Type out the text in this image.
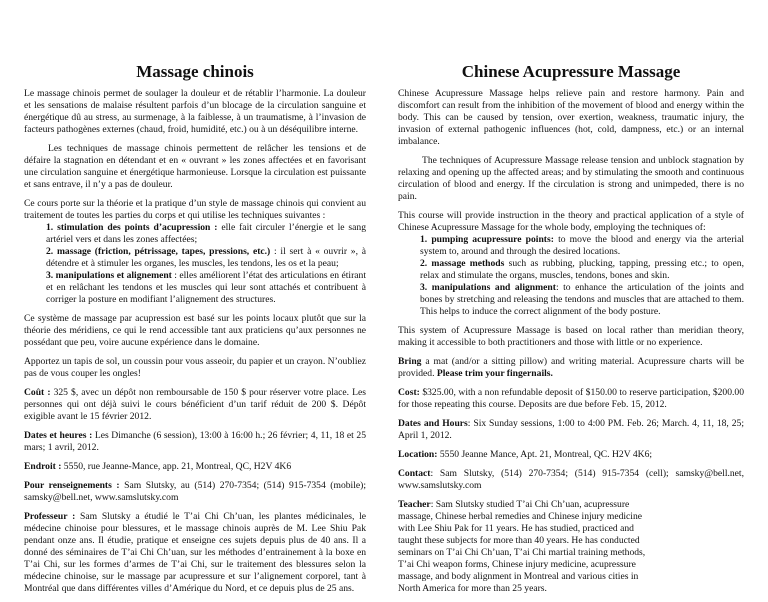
Massage chinois

Le massage chinois permet de soulager la douleur et de rétablir l’harmonie. La douleur et les sensations de malaise résultent parfois d’un blocage de la circulation sanguine et énergétique dû au stress, au surmenage, à la faiblesse, à un traumatisme, à l’invasion de facteurs pathogènes externes (chaud, froid, humidité, etc.) ou à un déséquilibre interne.

Les techniques de massage chinois permettent de relâcher les tensions et de défaire la stagnation en détendant et en « ouvrant » les zones affectées et en favorisant une circulation sanguine et énergétique harmonieuse. Lorsque la circulation est puissante et sans entrave, il n’y a pas de douleur.

Ce cours porte sur la théorie et la pratique d’un style de massage chinois qui convient au traitement de toutes les parties du corps et qui utilise les techniques suivantes :

1. stimulation des points d’acupression : elle fait circuler l’énergie et le sang artériel vers et dans les zones affectées;
2. massage (friction, pétrissage, tapes, pressions, etc.) : il sert à « ouvrir », à détendre et à stimuler les organes, les muscles, les tendons, les os et la peau;
3. manipulations et alignement : elles améliorent l’état des articulations en étirant et en relâchant les tendons et les muscles qui leur sont attachés et contribuent à corriger la posture en modifiant l’alignement des structures.

Ce système de massage par acupression est basé sur les points locaux plutôt que sur la théorie des méridiens, ce qui le rend accessible tant aux praticiens qu’aux personnes ne possédant que peu, voire aucune expérience dans le domaine.

Apportez un tapis de sol, un coussin pour vous asseoir, du papier et un crayon. N’oubliez pas de vous couper les ongles!

Coût : 325 $, avec un dépôt non remboursable de 150 $ pour réserver votre place. Les personnes qui ont déjà suivi le cours bénéficient d’un tarif réduit de 200 $. Dépôt exigible avant le 15 février 2012.

Dates et heures : Les Dimanche (6 session), 13:00 à 16:00 h.; 26 février; 4, 11, 18 et 25 mars; 1 avril, 2012.

Endroit : 5550, rue Jeanne-Mance, app. 21, Montreal, QC, H2V 4K6

Pour renseignements : Sam Slutsky, au (514) 270-7354; (514) 915-7354 (mobile); samsky@bell.net, www.samslutsky.com

Professeur : Sam Slutsky a étudié le T’ai Chi Ch’uan, les plantes médicinales, le médecine chinoise pour blessures, et le massage chinois auprès de M. Lee Shiu Pak pendant onze ans. Il étudie, pratique et enseigne ces sujets depuis plus de 40 ans. Il a donné des séminaires de T’ai Chi Ch’uan, sur les méthodes d’entrainement à la boxe en T’ai Chi, sur les formes d’armes de T’ai Chi, sur le traitement des blessures selon la médecine chinoise, sur le massage par acupressure et sur l’alignement corporel, tant à Montréal que dans différentes villes d’Amérique du Nord, et ce depuis plus de 25 ans.

Chinese Acupressure Massage

Chinese Acupressure Massage helps relieve pain and restore harmony. Pain and discomfort can result from the inhibition of the movement of blood and energy within the body. This can be caused by tension, over exertion, weakness, traumatic injury, the invasion of external pathogenic influences (hot, cold, dampness, etc.) or an internal imbalance.

The techniques of Acupressure Massage release tension and unblock stagnation by relaxing and opening up the affected areas; and by stimulating the smooth and continuous circulation of blood and energy. If the circulation is strong and unimpeded, there is no pain.

This course will provide instruction in the theory and practical application of a style of Chinese Acupressure Massage for the whole body, employing the techniques of:

1. pumping acupressure points: to move the blood and energy via the arterial system to, around and through the desired locations.
2. massage methods such as rubbing, plucking, tapping, pressing etc.; to open, relax and stimulate the organs, muscles, tendons, bones and skin.
3. manipulations and alignment: to enhance the articulation of the joints and bones by stretching and releasing the tendons and muscles that are attached to them. This helps to induce the correct alignment of the body posture.

This system of Acupressure Massage is based on local rather than meridian theory, making it accessible to both practitioners and those with little or no experience.

Bring a mat (and/or a sitting pillow) and writing material. Acupressure charts will be provided. Please trim your fingernails.

Cost: $325.00, with a non refundable deposit of $150.00 to reserve participation, $200.00 for those repeating this course. Deposits are due before Feb. 15, 2012.

Dates and Hours: Six Sunday sessions, 1:00 to 4:00 PM. Feb. 26; March. 4, 11, 18, 25; April 1, 2012.

Location: 5550 Jeanne Mance, Apt. 21, Montreal, QC. H2V 4K6;

Contact: Sam Slutsky, (514) 270-7354; (514) 915-7354 (cell); samsky@bell.net, www.samslutsky.com

Teacher: Sam Slutsky studied T’ai Chi Ch’uan, acupressure massage, Chinese herbal remedies and Chinese injury medicine with Lee Shiu Pak for 11 years. He has studied, practiced and taught these subjects for more than 40 years. He has conducted seminars on T’ai Chi Ch’uan, T’ai Chi martial training methods, T’ai Chi weapon forms, Chinese injury medicine, acupressure massage, and body alignment in Montreal and various cities in North America for more than 25 years.
